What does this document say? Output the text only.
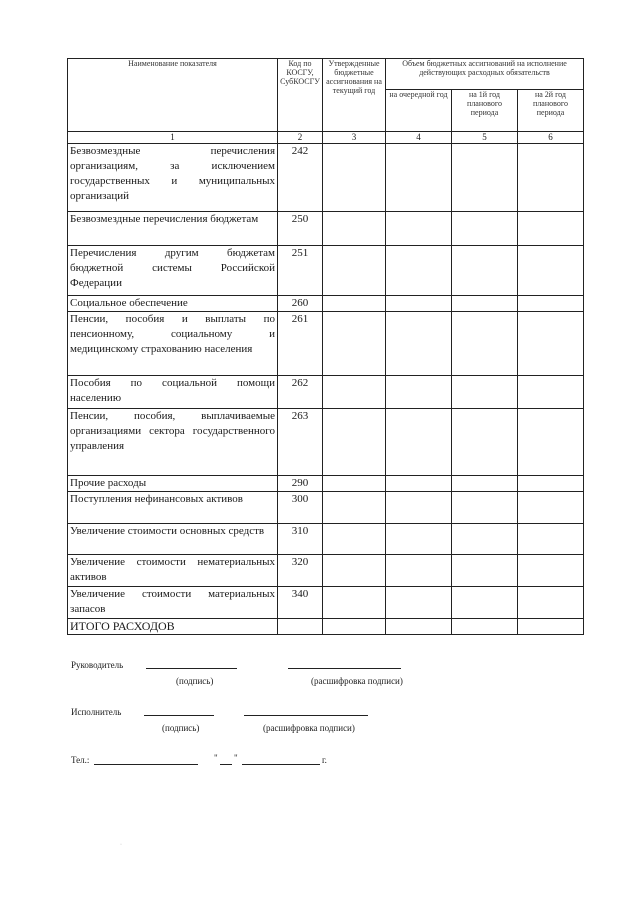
Наименование показателя	Код по КОСГУ, СубКОСГУ	Утвержденные бюджетные ассигнования на текущий год	Объем бюджетных ассигнований на исполнение действующих расходных обязательств		
			на очередной год	на 1й год планового периода	на 2й год планового периода
1	2	3	4	5	6
Безвозмездные перечисления организациям, за исключением государственных и муниципальных организаций	242				
Безвозмездные перечисления бюджетам	250				
Перечисления другим бюджетам бюджетной системы Российской Федерации	251				
Социальное обеспечение	260				
Пенсии, пособия и выплаты по пенсионному, социальному и медицинскому страхованию населения	261				
Пособия по социальной помощи населению	262				
Пенсии, пособия, выплачиваемые организациями сектора государственного управления	263				
Прочие расходы	290				
Поступления нефинансовых активов	300				
Увеличение стоимости основных средств	310				
Увеличение стоимости нематериальных активов	320				
Увеличение стоимости материальных запасов	340				
ИТОГО РАСХОДОВ					
Руководитель
(подпись)	(расшифровка подписи)
Исполнитель
(подпись)	(расшифровка подписи)
Тел.:	" "	г.
·
